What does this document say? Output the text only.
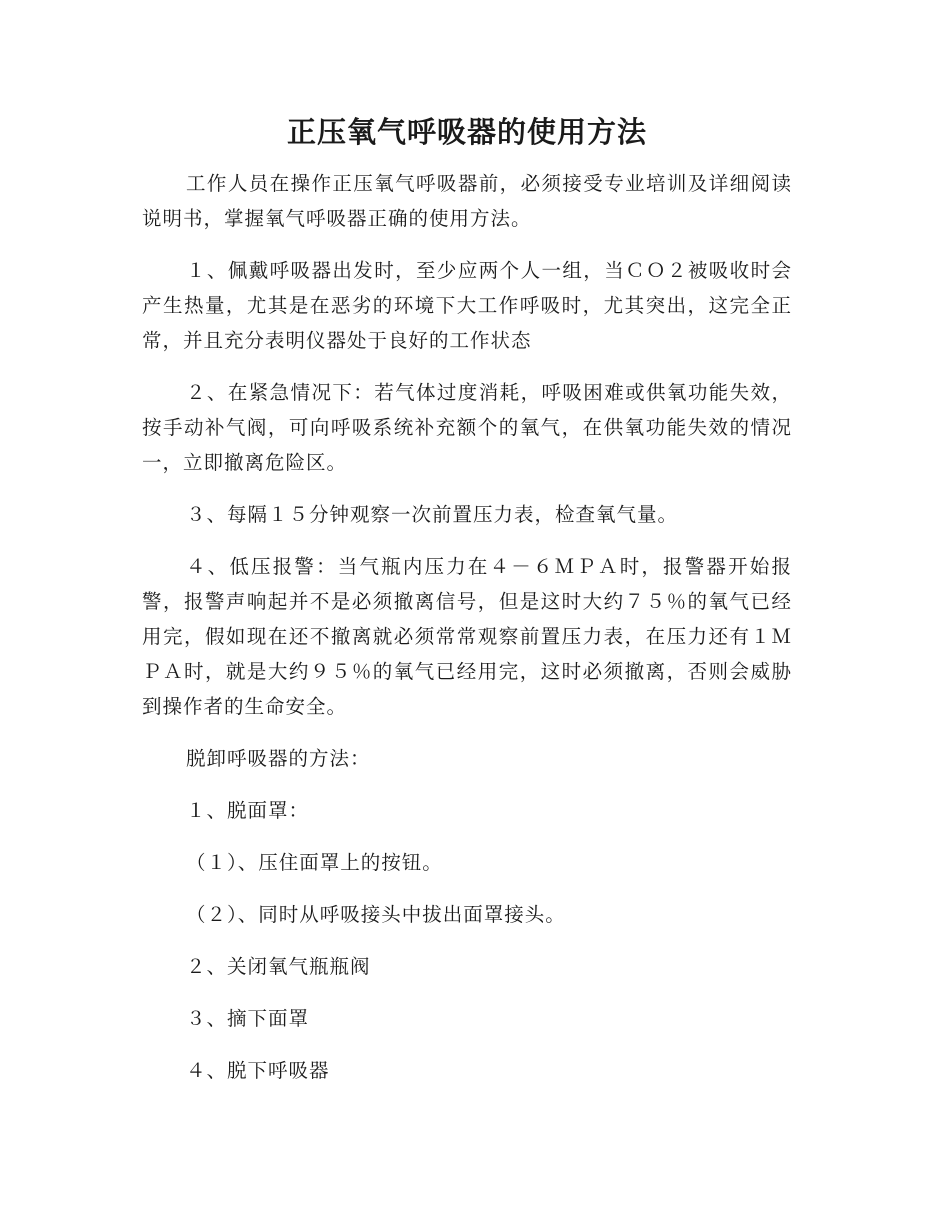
正压氧气呼吸器的使用方法

工作人员在操作正压氧气呼吸器前，必须接受专业培训及详细阅读说明书，掌握氧气呼吸器正确的使用方法。

１、佩戴呼吸器出发时，至少应两个人一组，当ＣＯ２被吸收时会产生热量，尤其是在恶劣的环境下大工作呼吸时，尤其突出，这完全正常，并且充分表明仪器处于良好的工作状态

２、在紧急情况下：若气体过度消耗，呼吸困难或供氧功能失效，按手动补气阀，可向呼吸系统补充额个的氧气，在供氧功能失效的情况一，立即撤离危险区。

３、每隔１５分钟观察一次前置压力表，检查氧气量。

４、低压报警：当气瓶内压力在４－６ＭＰＡ时，报警器开始报警，报警声响起并不是必须撤离信号，但是这时大约７５％的氧气已经用完，假如现在还不撤离就必须常常观察前置压力表，在压力还有１ＭＰＡ时，就是大约９５％的氧气已经用完，这时必须撤离，否则会威胁到操作者的生命安全。

脱卸呼吸器的方法：

１、脱面罩：

（１）、压住面罩上的按钮。

（２）、同时从呼吸接头中拔出面罩接头。

２、关闭氧气瓶瓶阀

３、摘下面罩

４、脱下呼吸器
